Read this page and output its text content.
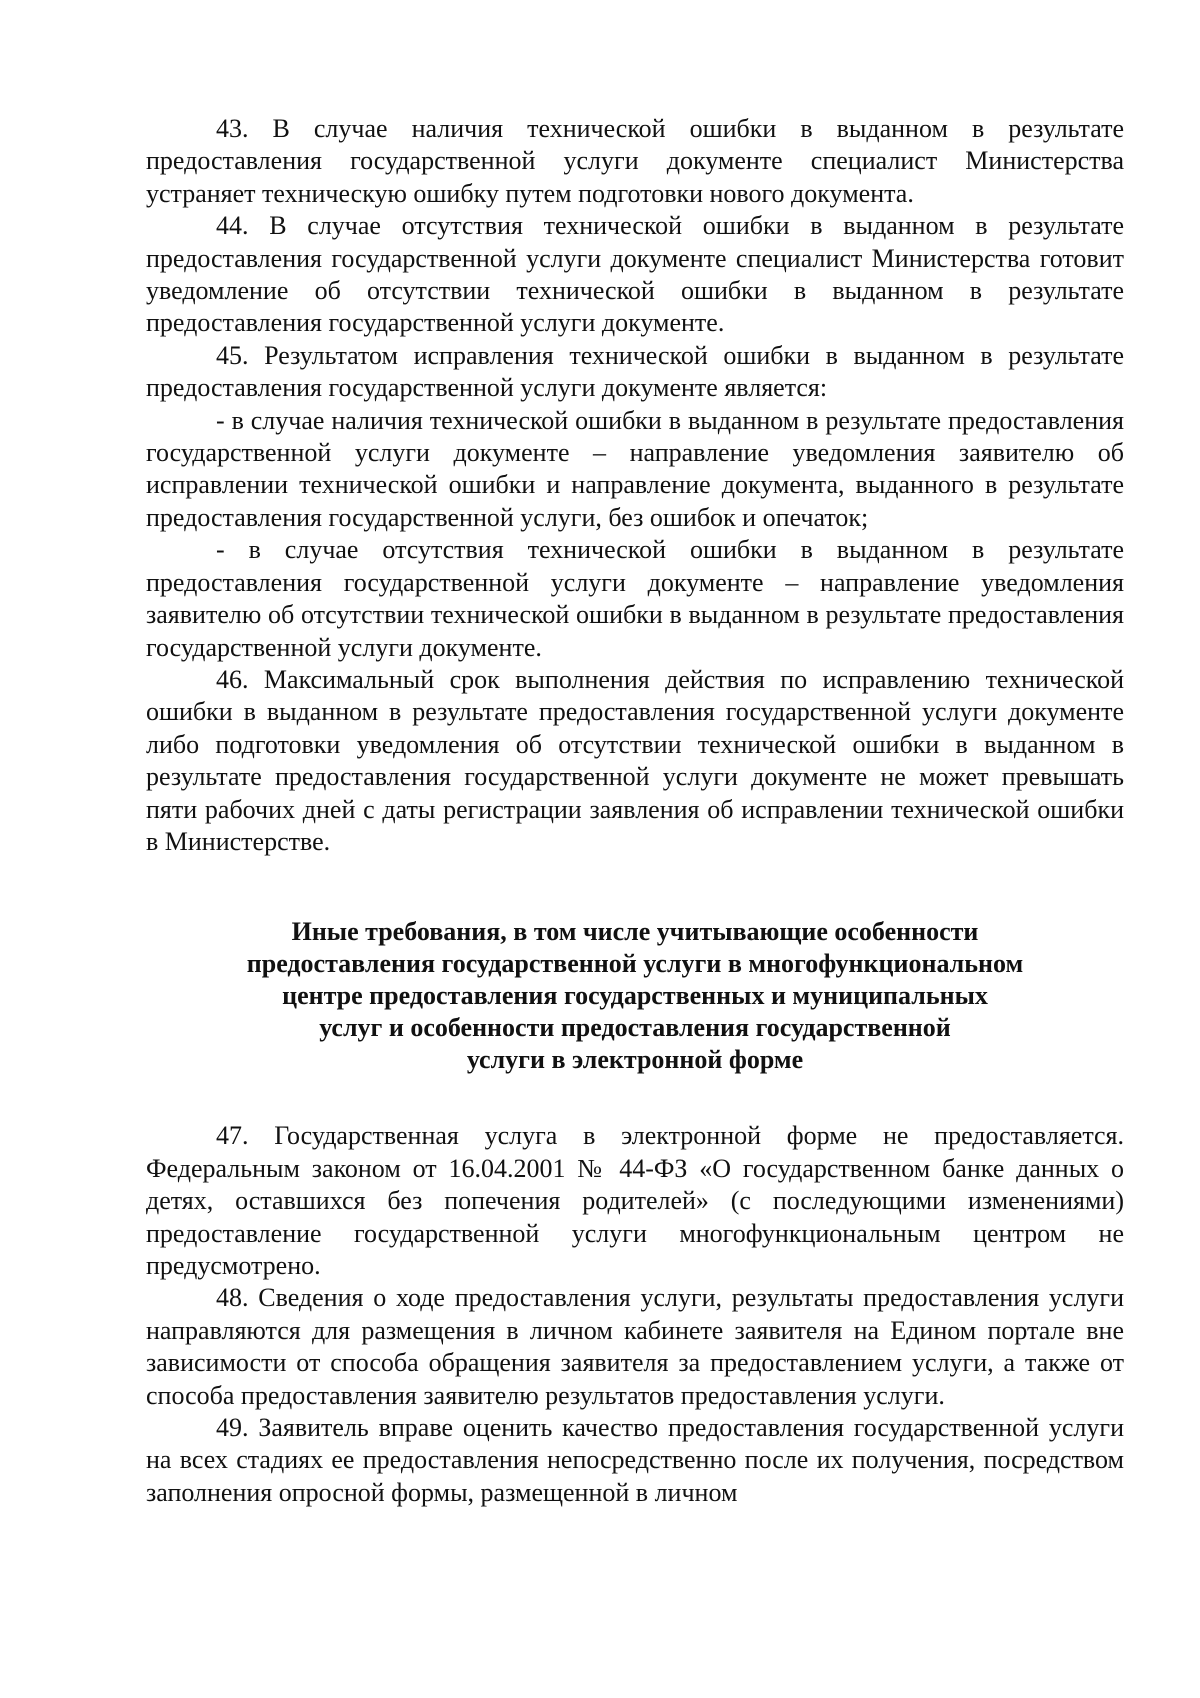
43. В случае наличия технической ошибки в выданном в результате предоставления государственной услуги документе специалист Министерства устраняет техническую ошибку путем подготовки нового документа.

44. В случае отсутствия технической ошибки в выданном в результате предоставления государственной услуги документе специалист Министерства готовит уведомление об отсутствии технической ошибки в выданном в результате предоставления государственной услуги документе.

45. Результатом исправления технической ошибки в выданном в результате предоставления государственной услуги документе является:

- в случае наличия технической ошибки в выданном в результате предоставления государственной услуги документе – направление уведомления заявителю об исправлении технической ошибки и направление документа, выданного в результате предоставления государственной услуги, без ошибок и опечаток;

- в случае отсутствия технической ошибки в выданном в результате предоставления государственной услуги документе – направление уведомления заявителю об отсутствии технической ошибки в выданном в результате предоставления государственной услуги документе.

46. Максимальный срок выполнения действия по исправлению технической ошибки в выданном в результате предоставления государственной услуги документе либо подготовки уведомления об отсутствии технической ошибки в выданном в результате предоставления государственной услуги документе не может превышать пяти рабочих дней с даты регистрации заявления об исправлении технической ошибки в Министерстве.

Иные требования, в том числе учитывающие особенности
предоставления государственной услуги в многофункциональном
центре предоставления государственных и муниципальных
услуг и особенности предоставления государственной
услуги в электронной форме

47. Государственная услуга в электронной форме не предоставляется. Федеральным законом от 16.04.2001 № 44-ФЗ «О государственном банке данных о детях, оставшихся без попечения родителей» (с последующими изменениями) предоставление государственной услуги многофункциональным центром не предусмотрено.

48. Сведения о ходе предоставления услуги, результаты предоставления услуги направляются для размещения в личном кабинете заявителя на Едином портале вне зависимости от способа обращения заявителя за предоставлением услуги, а также от способа предоставления заявителю результатов предоставления услуги.

49. Заявитель вправе оценить качество предоставления государственной услуги на всех стадиях ее предоставления непосредственно после их получения, посредством заполнения опросной формы, размещенной в личном
